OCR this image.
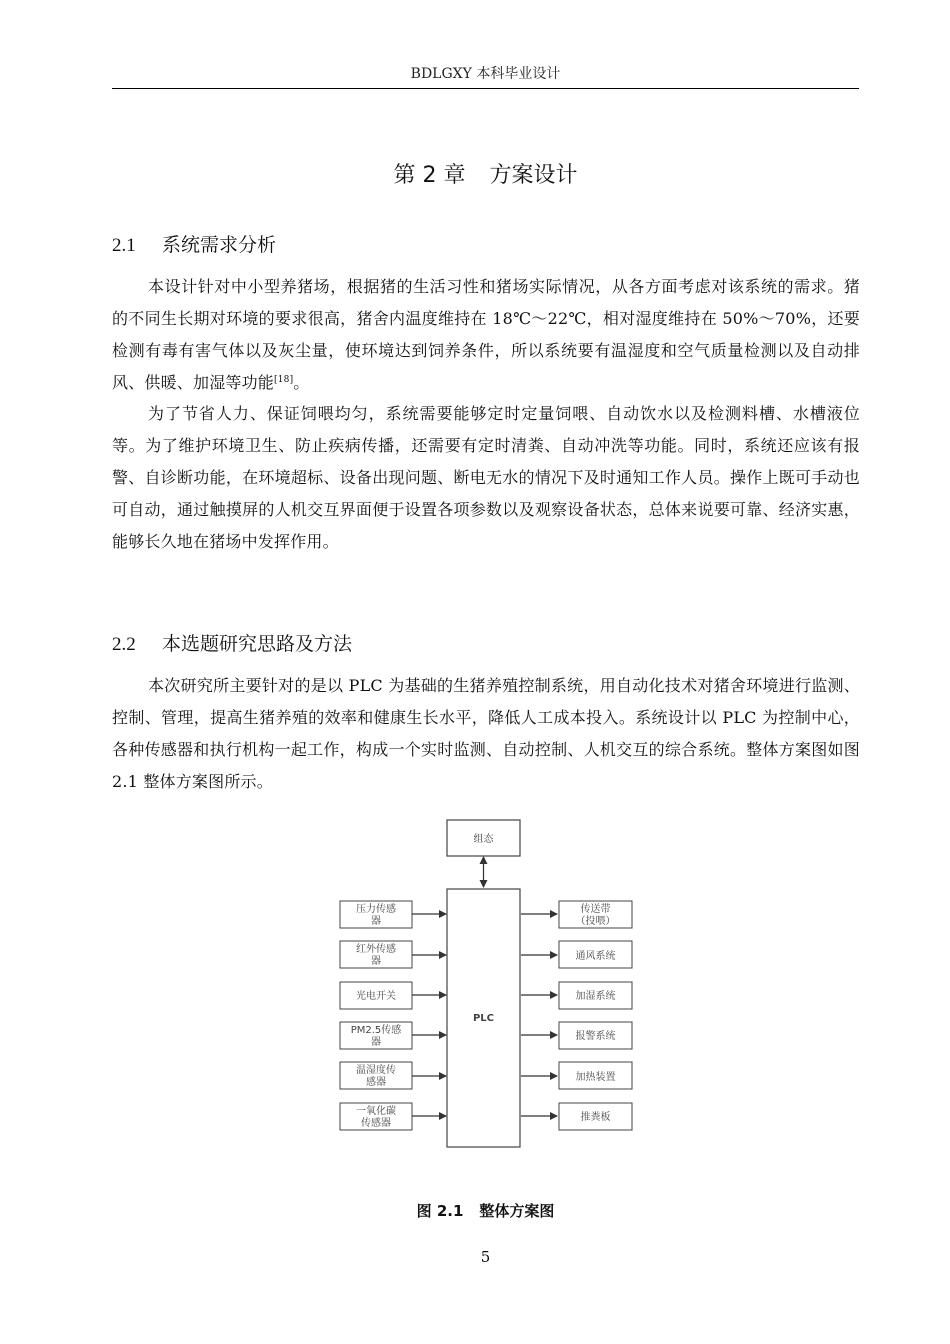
BDLGXY 本科毕业设计
第 2 章 方案设计
2.1 系统需求分析
本设计针对中小型养猪场，根据猪的生活习性和猪场实际情况，从各方面考虑对该系统的需求。猪的不同生长期对环境的要求很高，猪舍内温度维持在 18℃～22℃，相对湿度维持在 50%～70%，还要检测有毒有害气体以及灰尘量，使环境达到饲养条件，所以系统要有温湿度和空气质量检测以及自动排风、供暖、加湿等功能[18]。
为了节省人力、保证饲喂均匀，系统需要能够定时定量饲喂、自动饮水以及检测料槽、水槽液位等。为了维护环境卫生、防止疾病传播，还需要有定时清粪、自动冲洗等功能。同时，系统还应该有报警、自诊断功能，在环境超标、设备出现问题、断电无水的情况下及时通知工作人员。操作上既可手动也可自动，通过触摸屏的人机交互界面便于设置各项参数以及观察设备状态，总体来说要可靠、经济实惠，能够长久地在猪场中发挥作用。
2.2 本选题研究思路及方法
本次研究所主要针对的是以 PLC 为基础的生猪养殖控制系统，用自动化技术对猪舍环境进行监测、控制、管理，提高生猪养殖的效率和健康生长水平，降低人工成本投入。系统设计以 PLC 为控制中心，各种传感器和执行机构一起工作，构成一个实时监测、自动控制、人机交互的综合系统。整体方案图如图 2.1 整体方案图所示。
组态
PLC
压力传感
器
红外传感
器
光电开关
PM2.5传感
器
温湿度传
感器
一氧化碳
传感器
传送带
（投喂）
通风系统
加湿系统
报警系统
加热装置
推粪板
图 2.1 整体方案图
5
